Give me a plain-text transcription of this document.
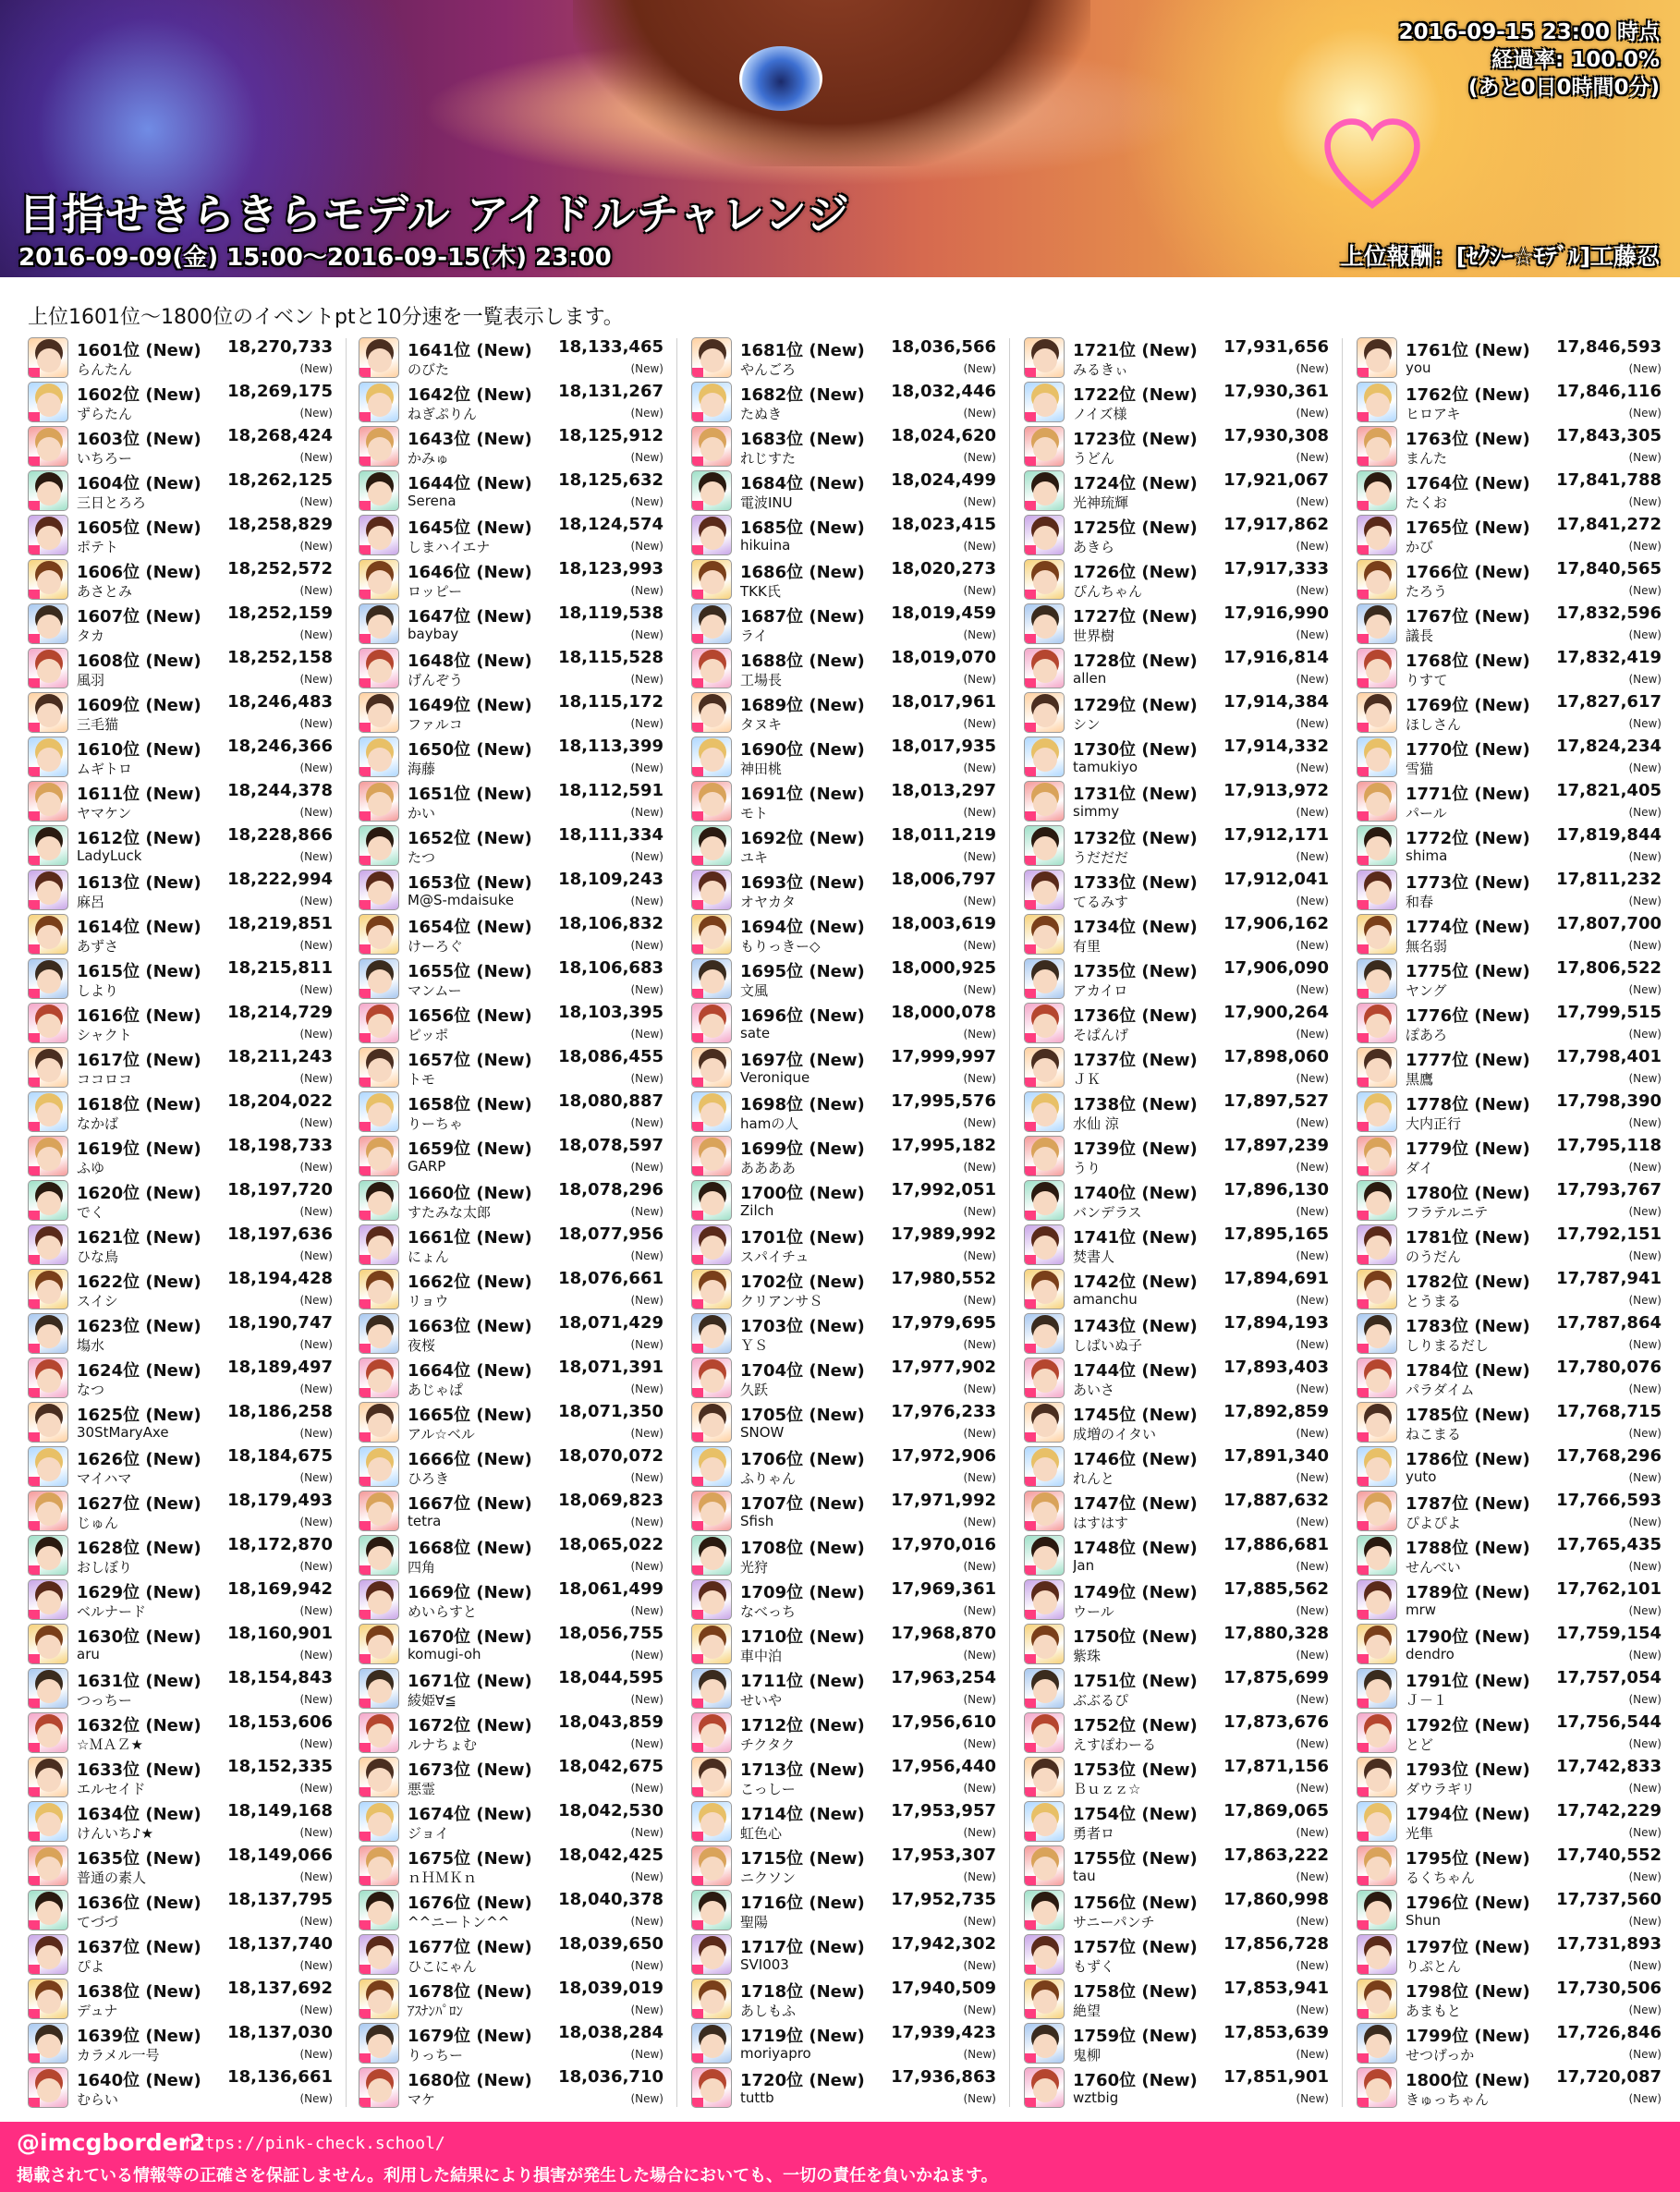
2016-09-15 23:00 時点
経過率: 100.0%
(あと0日0時間0分)
目指せきらきらモデル アイドルチャレンジ
2016-09-09(金) 15:00～2016-09-15(木) 23:00	上位報酬：[ｾｸｼｰ☆ﾓﾃﾞﾙ]工藤忍
上位1601位～1800位のイベントptと10分速を一覧表示します。
1601位 (New) 18,270,733
らんたん	(New)
1602位 (New) 18,269,175
ずらたん	(New)
1603位 (New) 18,268,424
いちろー	(New)
1604位 (New) 18,262,125
三日とろろ	(New)
1605位 (New) 18,258,829
ポテト	(New)
1606位 (New) 18,252,572
あさとみ	(New)
1607位 (New) 18,252,159
タカ	(New)
1608位 (New) 18,252,158
風羽	(New)
1609位 (New) 18,246,483
三毛猫	(New)
1610位 (New) 18,246,366
ムギトロ	(New)
1611位 (New) 18,244,378
ヤマケン	(New)
1612位 (New) 18,228,866
LadyLuck	(New)
1613位 (New) 18,222,994
麻呂	(New)
1614位 (New) 18,219,851
あずさ	(New)
1615位 (New) 18,215,811
しより	(New)
1616位 (New) 18,214,729
シャクト	(New)
1617位 (New) 18,211,243
ココロコ	(New)
1618位 (New) 18,204,022
なかば	(New)
1619位 (New) 18,198,733
ふゆ	(New)
1620位 (New) 18,197,720
でく	(New)
1621位 (New) 18,197,636
ひな鳥	(New)
1622位 (New) 18,194,428
スイシ	(New)
1623位 (New) 18,190,747
塲水	(New)
1624位 (New) 18,189,497
なつ	(New)
1625位 (New) 18,186,258
30StMaryAxe	(New)
1626位 (New) 18,184,675
マイハマ	(New)
1627位 (New) 18,179,493
じゅん	(New)
1628位 (New) 18,172,870
おしぼり	(New)
1629位 (New) 18,169,942
ベルナード	(New)
1630位 (New) 18,160,901
aru	(New)
1631位 (New) 18,154,843
つっちー	(New)
1632位 (New) 18,153,606
☆ＭＡＺ★	(New)
1633位 (New) 18,152,335
エルセイド	(New)
1634位 (New) 18,149,168
けんいち♪★	(New)
1635位 (New) 18,149,066
普通の素人	(New)
1636位 (New) 18,137,795
てづづ	(New)
1637位 (New) 18,137,740
ぴよ	(New)
1638位 (New) 18,137,692
デュナ	(New)
1639位 (New) 18,137,030
カラメル一号	(New)
1640位 (New) 18,136,661
むらい	(New)
1641位 (New) 18,133,465
のびた	(New)
1642位 (New) 18,131,267
ねぎぷりん	(New)
1643位 (New) 18,125,912
かみゅ	(New)
1644位 (New) 18,125,632
Serena	(New)
1645位 (New) 18,124,574
しまハイエナ	(New)
1646位 (New) 18,123,993
ロッピー	(New)
1647位 (New) 18,119,538
baybay	(New)
1648位 (New) 18,115,528
げんぞう	(New)
1649位 (New) 18,115,172
ファルコ	(New)
1650位 (New) 18,113,399
海藤	(New)
1651位 (New) 18,112,591
かい	(New)
1652位 (New) 18,111,334
たつ	(New)
1653位 (New) 18,109,243
M@S-mdaisuke	(New)
1654位 (New) 18,106,832
けーろぐ	(New)
1655位 (New) 18,106,683
マンムー	(New)
1656位 (New) 18,103,395
ピッポ	(New)
1657位 (New) 18,086,455
トモ	(New)
1658位 (New) 18,080,887
りーちゃ	(New)
1659位 (New) 18,078,597
GARP	(New)
1660位 (New) 18,078,296
すたみな太郎	(New)
1661位 (New) 18,077,956
にょん	(New)
1662位 (New) 18,076,661
リョウ	(New)
1663位 (New) 18,071,429
夜桜	(New)
1664位 (New) 18,071,391
あじゃぱ	(New)
1665位 (New) 18,071,350
アル☆ベル	(New)
1666位 (New) 18,070,072
ひろき	(New)
1667位 (New) 18,069,823
tetra	(New)
1668位 (New) 18,065,022
四角	(New)
1669位 (New) 18,061,499
めいらすと	(New)
1670位 (New) 18,056,755
komugi-oh	(New)
1671位 (New) 18,044,595
綾姫∀≦	(New)
1672位 (New) 18,043,859
ルナちょむ	(New)
1673位 (New) 18,042,675
悪霊	(New)
1674位 (New) 18,042,530
ジョイ	(New)
1675位 (New) 18,042,425
ｎＨＭＫｎ	(New)
1676位 (New) 18,040,378
^^ニートン^^	(New)
1677位 (New) 18,039,650
ひこにゃん	(New)
1678位 (New) 18,039,019
ｱｽﾅﾝﾊﾟﾛﾝ	(New)
1679位 (New) 18,038,284
りっちー	(New)
1680位 (New) 18,036,710
マケ	(New)
1681位 (New) 18,036,566
やんごろ	(New)
1682位 (New) 18,032,446
たぬき	(New)
1683位 (New) 18,024,620
れじすた	(New)
1684位 (New) 18,024,499
電波INU	(New)
1685位 (New) 18,023,415
hikuina	(New)
1686位 (New) 18,020,273
TKK氏	(New)
1687位 (New) 18,019,459
ライ	(New)
1688位 (New) 18,019,070
工場長	(New)
1689位 (New) 18,017,961
タヌキ	(New)
1690位 (New) 18,017,935
神田桃	(New)
1691位 (New) 18,013,297
モト	(New)
1692位 (New) 18,011,219
ユキ	(New)
1693位 (New) 18,006,797
オヤカタ	(New)
1694位 (New) 18,003,619
もりっきー◇	(New)
1695位 (New) 18,000,925
文風	(New)
1696位 (New) 18,000,078
sate	(New)
1697位 (New) 17,999,997
Veronique	(New)
1698位 (New) 17,995,576
hamの人	(New)
1699位 (New) 17,995,182
ああああ	(New)
1700位 (New) 17,992,051
Zilch	(New)
1701位 (New) 17,989,992
スパイチュ	(New)
1702位 (New) 17,980,552
クリアンサＳ	(New)
1703位 (New) 17,979,695
ＹＳ	(New)
1704位 (New) 17,977,902
久跃	(New)
1705位 (New) 17,976,233
SNOW	(New)
1706位 (New) 17,972,906
ふりゃん	(New)
1707位 (New) 17,971,992
Sfish	(New)
1708位 (New) 17,970,016
光狩	(New)
1709位 (New) 17,969,361
なべっち	(New)
1710位 (New) 17,968,870
車中泊	(New)
1711位 (New) 17,963,254
せいや	(New)
1712位 (New) 17,956,610
チクタク	(New)
1713位 (New) 17,956,440
こっしー	(New)
1714位 (New) 17,953,957
虹色心	(New)
1715位 (New) 17,953,307
ニクソン	(New)
1716位 (New) 17,952,735
聖陽	(New)
1717位 (New) 17,942,302
SVI003	(New)
1718位 (New) 17,940,509
あしもふ	(New)
1719位 (New) 17,939,423
moriyapro	(New)
1720位 (New) 17,936,863
tuttb	(New)
1721位 (New) 17,931,656
みるきぃ	(New)
1722位 (New) 17,930,361
ノイズ様	(New)
1723位 (New) 17,930,308
うどん	(New)
1724位 (New) 17,921,067
光神琉輝	(New)
1725位 (New) 17,917,862
あきら	(New)
1726位 (New) 17,917,333
ぴんちゃん	(New)
1727位 (New) 17,916,990
世界樹	(New)
1728位 (New) 17,916,814
allen	(New)
1729位 (New) 17,914,384
シン	(New)
1730位 (New) 17,914,332
tamukiyo	(New)
1731位 (New) 17,913,972
simmy	(New)
1732位 (New) 17,912,171
うだだだ	(New)
1733位 (New) 17,912,041
てるみす	(New)
1734位 (New) 17,906,162
有里	(New)
1735位 (New) 17,906,090
アカイロ	(New)
1736位 (New) 17,900,264
そぱんげ	(New)
1737位 (New) 17,898,060
ＪＫ	(New)
1738位 (New) 17,897,527
水仙 涼	(New)
1739位 (New) 17,897,239
うり	(New)
1740位 (New) 17,896,130
バンデラス	(New)
1741位 (New) 17,895,165
焚書人	(New)
1742位 (New) 17,894,691
amanchu	(New)
1743位 (New) 17,894,193
しばいぬ子	(New)
1744位 (New) 17,893,403
あいさ	(New)
1745位 (New) 17,892,859
成増のイタい	(New)
1746位 (New) 17,891,340
れんと	(New)
1747位 (New) 17,887,632
はすはす	(New)
1748位 (New) 17,886,681
Jan	(New)
1749位 (New) 17,885,562
ウール	(New)
1750位 (New) 17,880,328
紫珠	(New)
1751位 (New) 17,875,699
ぶぶるぴ	(New)
1752位 (New) 17,873,676
えすぽわーる	(New)
1753位 (New) 17,871,156
Ｂｕｚｚ☆	(New)
1754位 (New) 17,869,065
勇者ロ	(New)
1755位 (New) 17,863,222
tau	(New)
1756位 (New) 17,860,998
サニーパンチ	(New)
1757位 (New) 17,856,728
もずく	(New)
1758位 (New) 17,853,941
絶望	(New)
1759位 (New) 17,853,639
鬼柳	(New)
1760位 (New) 17,851,901
wztbig	(New)
1761位 (New) 17,846,593
you	(New)
1762位 (New) 17,846,116
ヒロアキ	(New)
1763位 (New) 17,843,305
まんた	(New)
1764位 (New) 17,841,788
たくお	(New)
1765位 (New) 17,841,272
かび	(New)
1766位 (New) 17,840,565
たろう	(New)
1767位 (New) 17,832,596
議長	(New)
1768位 (New) 17,832,419
りすて	(New)
1769位 (New) 17,827,617
ほしさん	(New)
1770位 (New) 17,824,234
雪猫	(New)
1771位 (New) 17,821,405
パール	(New)
1772位 (New) 17,819,844
shima	(New)
1773位 (New) 17,811,232
和春	(New)
1774位 (New) 17,807,700
無名弱	(New)
1775位 (New) 17,806,522
ヤング	(New)
1776位 (New) 17,799,515
ぽあろ	(New)
1777位 (New) 17,798,401
黒鷹	(New)
1778位 (New) 17,798,390
大内正行	(New)
1779位 (New) 17,795,118
ダイ	(New)
1780位 (New) 17,793,767
フラテルニテ	(New)
1781位 (New) 17,792,151
のうだん	(New)
1782位 (New) 17,787,941
とうまる	(New)
1783位 (New) 17,787,864
しりまるだし	(New)
1784位 (New) 17,780,076
パラダイム	(New)
1785位 (New) 17,768,715
ねこまる	(New)
1786位 (New) 17,768,296
yuto	(New)
1787位 (New) 17,766,593
ぴよぴよ	(New)
1788位 (New) 17,765,435
せんべい	(New)
1789位 (New) 17,762,101
mrw	(New)
1790位 (New) 17,759,154
dendro	(New)
1791位 (New) 17,757,054
Ｊ－１	(New)
1792位 (New) 17,756,544
とど	(New)
1793位 (New) 17,742,833
ダウラギリ	(New)
1794位 (New) 17,742,229
光隼	(New)
1795位 (New) 17,740,552
るくちゃん	(New)
1796位 (New) 17,737,560
Shun	(New)
1797位 (New) 17,731,893
りぷとん	(New)
1798位 (New) 17,730,506
あまもと	(New)
1799位 (New) 17,726,846
せつげっか	(New)
1800位 (New) 17,720,087
きゅっちゃん	(New)
@imcgborder2
https://pink-check.school/
掲載されている情報等の正確さを保証しません。利用した結果により損害が発生した場合においても、一切の責任を負いかねます。
